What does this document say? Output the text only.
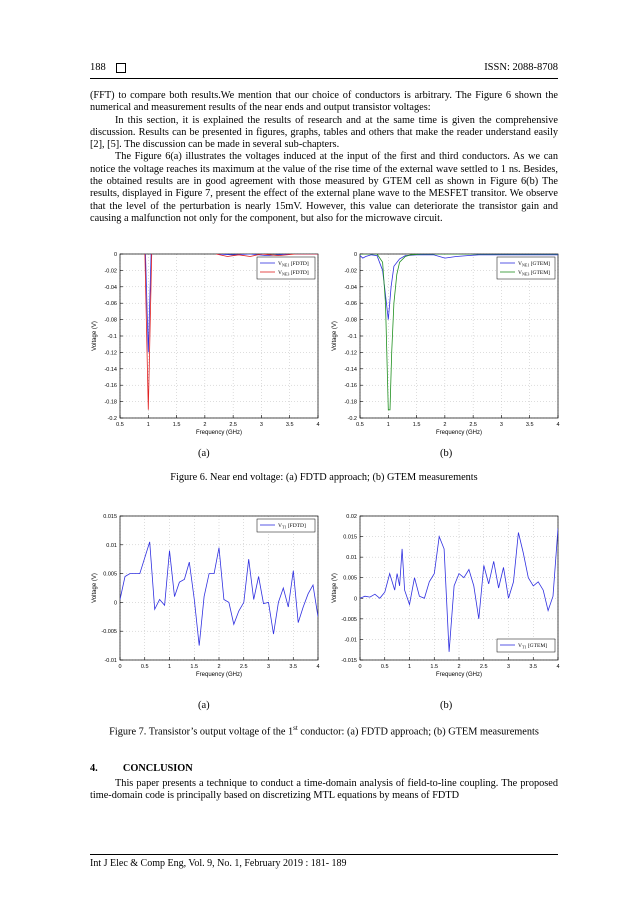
188	ISSN: 2088-8708

(FFT) to compare both results.We mention that our choice of conductors is arbitrary. The Figure 6 shown the numerical and measurement results of the near ends and output transistor voltages:

In this section, it is explained the results of research and at the same time is given the comprehensive discussion. Results can be presented in figures, graphs, tables and others that make the reader understand easily [2], [5]. The discussion can be made in several sub-chapters.

The Figure 6(a) illustrates the voltages induced at the input of the first and third conductors. As we can notice the voltage reaches its maximum at the value of the rise time of the external wave settled to 1 ns. Besides, the obtained results are in good agreement with those measured by GTEM cell as shown in Figure 6(b) The results, displayed in Figure 7, present the effect of the external plane wave to the MESFET transitor. We observe that the level of the perturbation is nearly 15mV. However, this value can deteriorate the transistor gain and causing a malfunction not only for the component, but also for the microwave circuit.

0.5	1	1.5	2	2.5	3	3.5	4
0
-0.02
-0.04
-0.06
-0.08
-0.1
-0.12
-0.14
-0.16
-0.18
-0.2
Frequency (GHz)
Voltage (V)
$V_{NE1}$ [FDTD]
$V_{NE3}$ [FDTD]
0.5	1	1.5	2	2.5	3	3.5	4
0
-0.02
-0.04
-0.06
-0.08
-0.1
-0.12
-0.14
-0.16
-0.18
-0.2
Frequency (GHz)
Voltage (V)
$V_{NE1}$ [GTEM]
$V_{NE3}$ [GTEM]
(a)	(b)
Figure 6. Near end voltage: (a) FDTD approach; (b) GTEM measurements
0	0.5	1	1.5	2	2.5	3	3.5	4
0.015
0.01
0.005
0
-0.005
-0.01
Frequency (GHz)
Voltage (V)
$V_{T1}$ [FDTD]
0	0.5	1	1.5	2	2.5	3	3.5	4
0.02
0.015
0.01
0.005
0
-0.005
-0.01
-0.015
Frequency (GHz)
Voltage (V)
$V_{T1}$ [GTEM]
(a)	(b)
Figure 7. Transistor’s output voltage of the 1st conductor: (a) FDTD approach; (b) GTEM measurements
4. CONCLUSION

This paper presents a technique to conduct a time-domain analysis of field-to-line coupling. The proposed time-domain code is principally based on discretizing MTL equations by means of FDTD

Int J Elec & Comp Eng, Vol. 9, No. 1, February 2019 : 181- 189
